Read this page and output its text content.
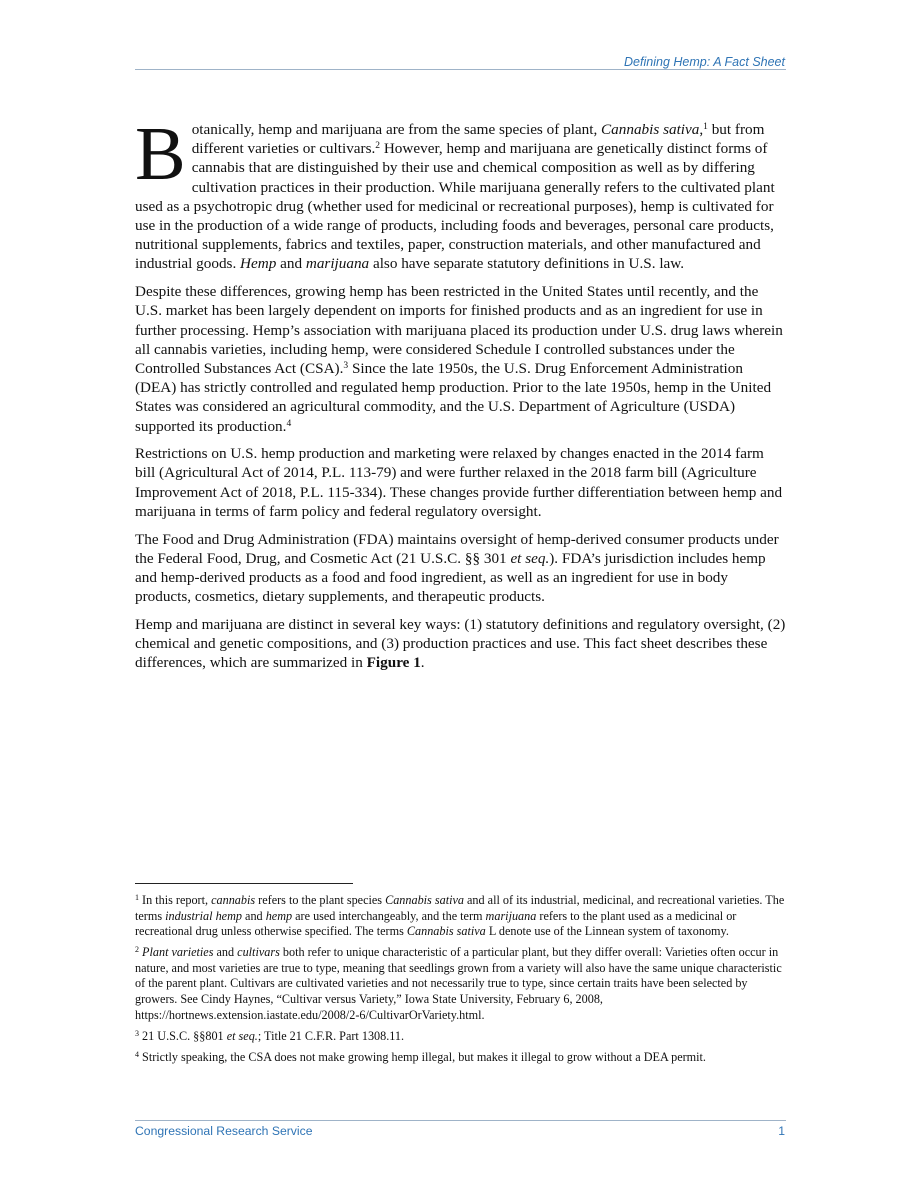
Defining Hemp: A Fact Sheet

Botanically, hemp and marijuana are from the same species of plant, Cannabis sativa,$^1$ but from different varieties or cultivars.$^2$ However, hemp and marijuana are genetically distinct forms of cannabis that are distinguished by their use and chemical composition as well as by differing cultivation practices in their production. While marijuana generally refers to the cultivated plant used as a psychotropic drug (whether used for medicinal or recreational purposes), hemp is cultivated for use in the production of a wide range of products, including foods and beverages, personal care products, nutritional supplements, fabrics and textiles, paper, construction materials, and other manufactured and industrial goods. Hemp and marijuana also have separate statutory definitions in U.S. law.

Despite these differences, growing hemp has been restricted in the United States until recently, and the U.S. market has been largely dependent on imports for finished products and as an ingredient for use in further processing. Hemp’s association with marijuana placed its production under U.S. drug laws wherein all cannabis varieties, including hemp, were considered Schedule I controlled substances under the Controlled Substances Act (CSA).$^3$ Since the late 1950s, the U.S. Drug Enforcement Administration (DEA) has strictly controlled and regulated hemp production. Prior to the late 1950s, hemp in the United States was considered an agricultural commodity, and the U.S. Department of Agriculture (USDA) supported its production.$^4$

Restrictions on U.S. hemp production and marketing were relaxed by changes enacted in the 2014 farm bill (Agricultural Act of 2014, P.L. 113-79) and were further relaxed in the 2018 farm bill (Agriculture Improvement Act of 2018, P.L. 115-334). These changes provide further differentiation between hemp and marijuana in terms of farm policy and federal regulatory oversight.

The Food and Drug Administration (FDA) maintains oversight of hemp-derived consumer products under the Federal Food, Drug, and Cosmetic Act (21 U.S.C. §§ 301 et seq.). FDA’s jurisdiction includes hemp and hemp-derived products as a food and food ingredient, as well as an ingredient for use in body products, cosmetics, dietary supplements, and therapeutic products.

Hemp and marijuana are distinct in several key ways: (1) statutory definitions and regulatory oversight, (2) chemical and genetic compositions, and (3) production practices and use. This fact sheet describes these differences, which are summarized in Figure 1.

$^1$ In this report, cannabis refers to the plant species Cannabis sativa and all of its industrial, medicinal, and recreational varieties. The terms industrial hemp and hemp are used interchangeably, and the term marijuana refers to the plant used as a medicinal or recreational drug unless otherwise specified. The terms Cannabis sativa L denote use of the Linnean system of taxonomy.

$^2$ Plant varieties and cultivars both refer to unique characteristic of a particular plant, but they differ overall: Varieties often occur in nature, and most varieties are true to type, meaning that seedlings grown from a variety will also have the same unique characteristic of the parent plant. Cultivars are cultivated varieties and not necessarily true to type, since certain traits have been selected by growers. See Cindy Haynes, “Cultivar versus Variety,” Iowa State University, February 6, 2008, https://hortnews.extension.iastate.edu/2008/2-6/CultivarOrVariety.html.

$^3$ 21 U.S.C. §§801 et seq.; Title 21 C.F.R. Part 1308.11.

$^4$ Strictly speaking, the CSA does not make growing hemp illegal, but makes it illegal to grow without a DEA permit.

Congressional Research Service	1
